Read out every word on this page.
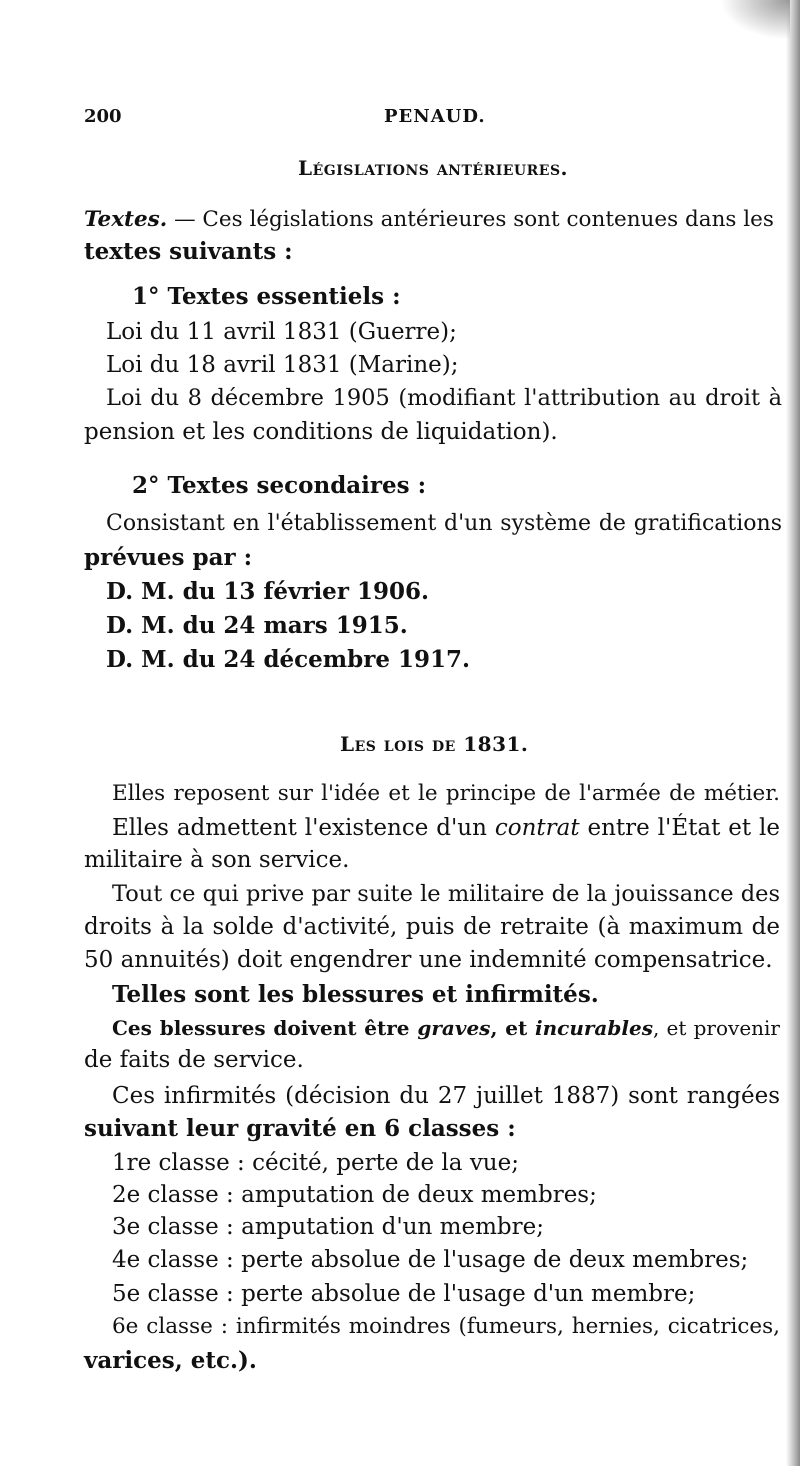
200	PENAUD.
Législations antérieures.
Textes. — Ces législations antérieures sont contenues dans les
textes suivants :
1° Textes essentiels :
Loi du 11 avril 1831 (Guerre);
Loi du 18 avril 1831 (Marine);
Loi du 8 décembre 1905 (modifiant l'attribution au droit à
pension et les conditions de liquidation).
2° Textes secondaires :
Consistant en l'établissement d'un système de gratifications
prévues par :
D. M. du 13 février 1906.
D. M. du 24 mars 1915.
D. M. du 24 décembre 1917.
Les lois de 1831.
Elles reposent sur l'idée et le principe de l'armée de métier.
Elles admettent l'existence d'un contrat entre l'État et le
militaire à son service.
Tout ce qui prive par suite le militaire de la jouissance des
droits à la solde d'activité, puis de retraite (à maximum de
50 annuités) doit engendrer une indemnité compensatrice.
Telles sont les blessures et infirmités.
Ces blessures doivent être graves, et incurables, et provenir
de faits de service.
Ces infirmités (décision du 27 juillet 1887) sont rangées
suivant leur gravité en 6 classes :
1re classe : cécité, perte de la vue;
2e classe : amputation de deux membres;
3e classe : amputation d'un membre;
4e classe : perte absolue de l'usage de deux membres;
5e classe : perte absolue de l'usage d'un membre;
6e classe : infirmités moindres (fumeurs, hernies, cicatrices,
varices, etc.).
